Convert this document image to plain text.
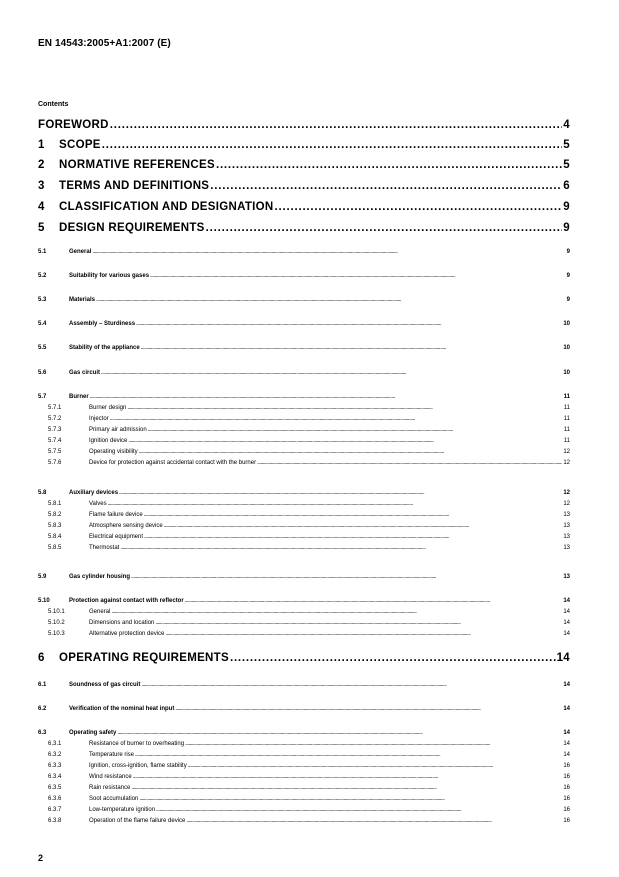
EN 14543:2005+A1:2007 (E)
Contents
FOREWORD . . .	4
1	SCOPE . . .	5
2	NORMATIVE REFERENCES . . .	5
3	TERMS AND DEFINITIONS . . .	6
4	CLASSIFICATION AND DESIGNATION . . .	9
5	DESIGN REQUIREMENTS . . .	9
5.1	General . . .	9
5.2	Suitability for various gases . . .	9
5.3	Materials . . .	9
5.4	Assembly – Sturdiness . . .	10
5.5	Stability of the appliance . . .	10
5.6	Gas circuit . . .	10
5.7	Burner . . .	11
5.7.1	Burner design . . .	11
5.7.2	Injector . . .	11
5.7.3	Primary air admission . . .	11
5.7.4	Ignition device . . .	11
5.7.5	Operating visibility . . .	12
5.7.6	Device for protection against accidental contact with the burner . . .	12
5.8	Auxiliary devices . . .	12
5.8.1	Valves . . .	12
5.8.2	Flame failure device . . .	13
5.8.3	Atmosphere sensing device . . .	13
5.8.4	Electrical equipment . . .	13
5.8.5	Thermostat . . .	13
5.9	Gas cylinder housing . . .	13
5.10	Protection against contact with reflector . . .	14
5.10.1	General . . .	14
5.10.2	Dimensions and location . . .	14
5.10.3	Alternative protection device . . .	14
6	OPERATING REQUIREMENTS . . .	14
6.1	Soundness of gas circuit . . .	14
6.2	Verification of the nominal heat input . . .	14
6.3	Operating safety . . .	14
6.3.1	Resistance of burner to overheating . . .	14
6.3.2	Temperature rise . . .	14
6.3.3	Ignition, cross-ignition, flame stability . . .	16
6.3.4	Wind resistance . . .	16
6.3.5	Rain resistance . . .	16
6.3.6	Soot accumulation . . .	16
6.3.7	Low-temperature ignition . . .	16
6.3.8	Operation of the flame failure device . . .	16
2
